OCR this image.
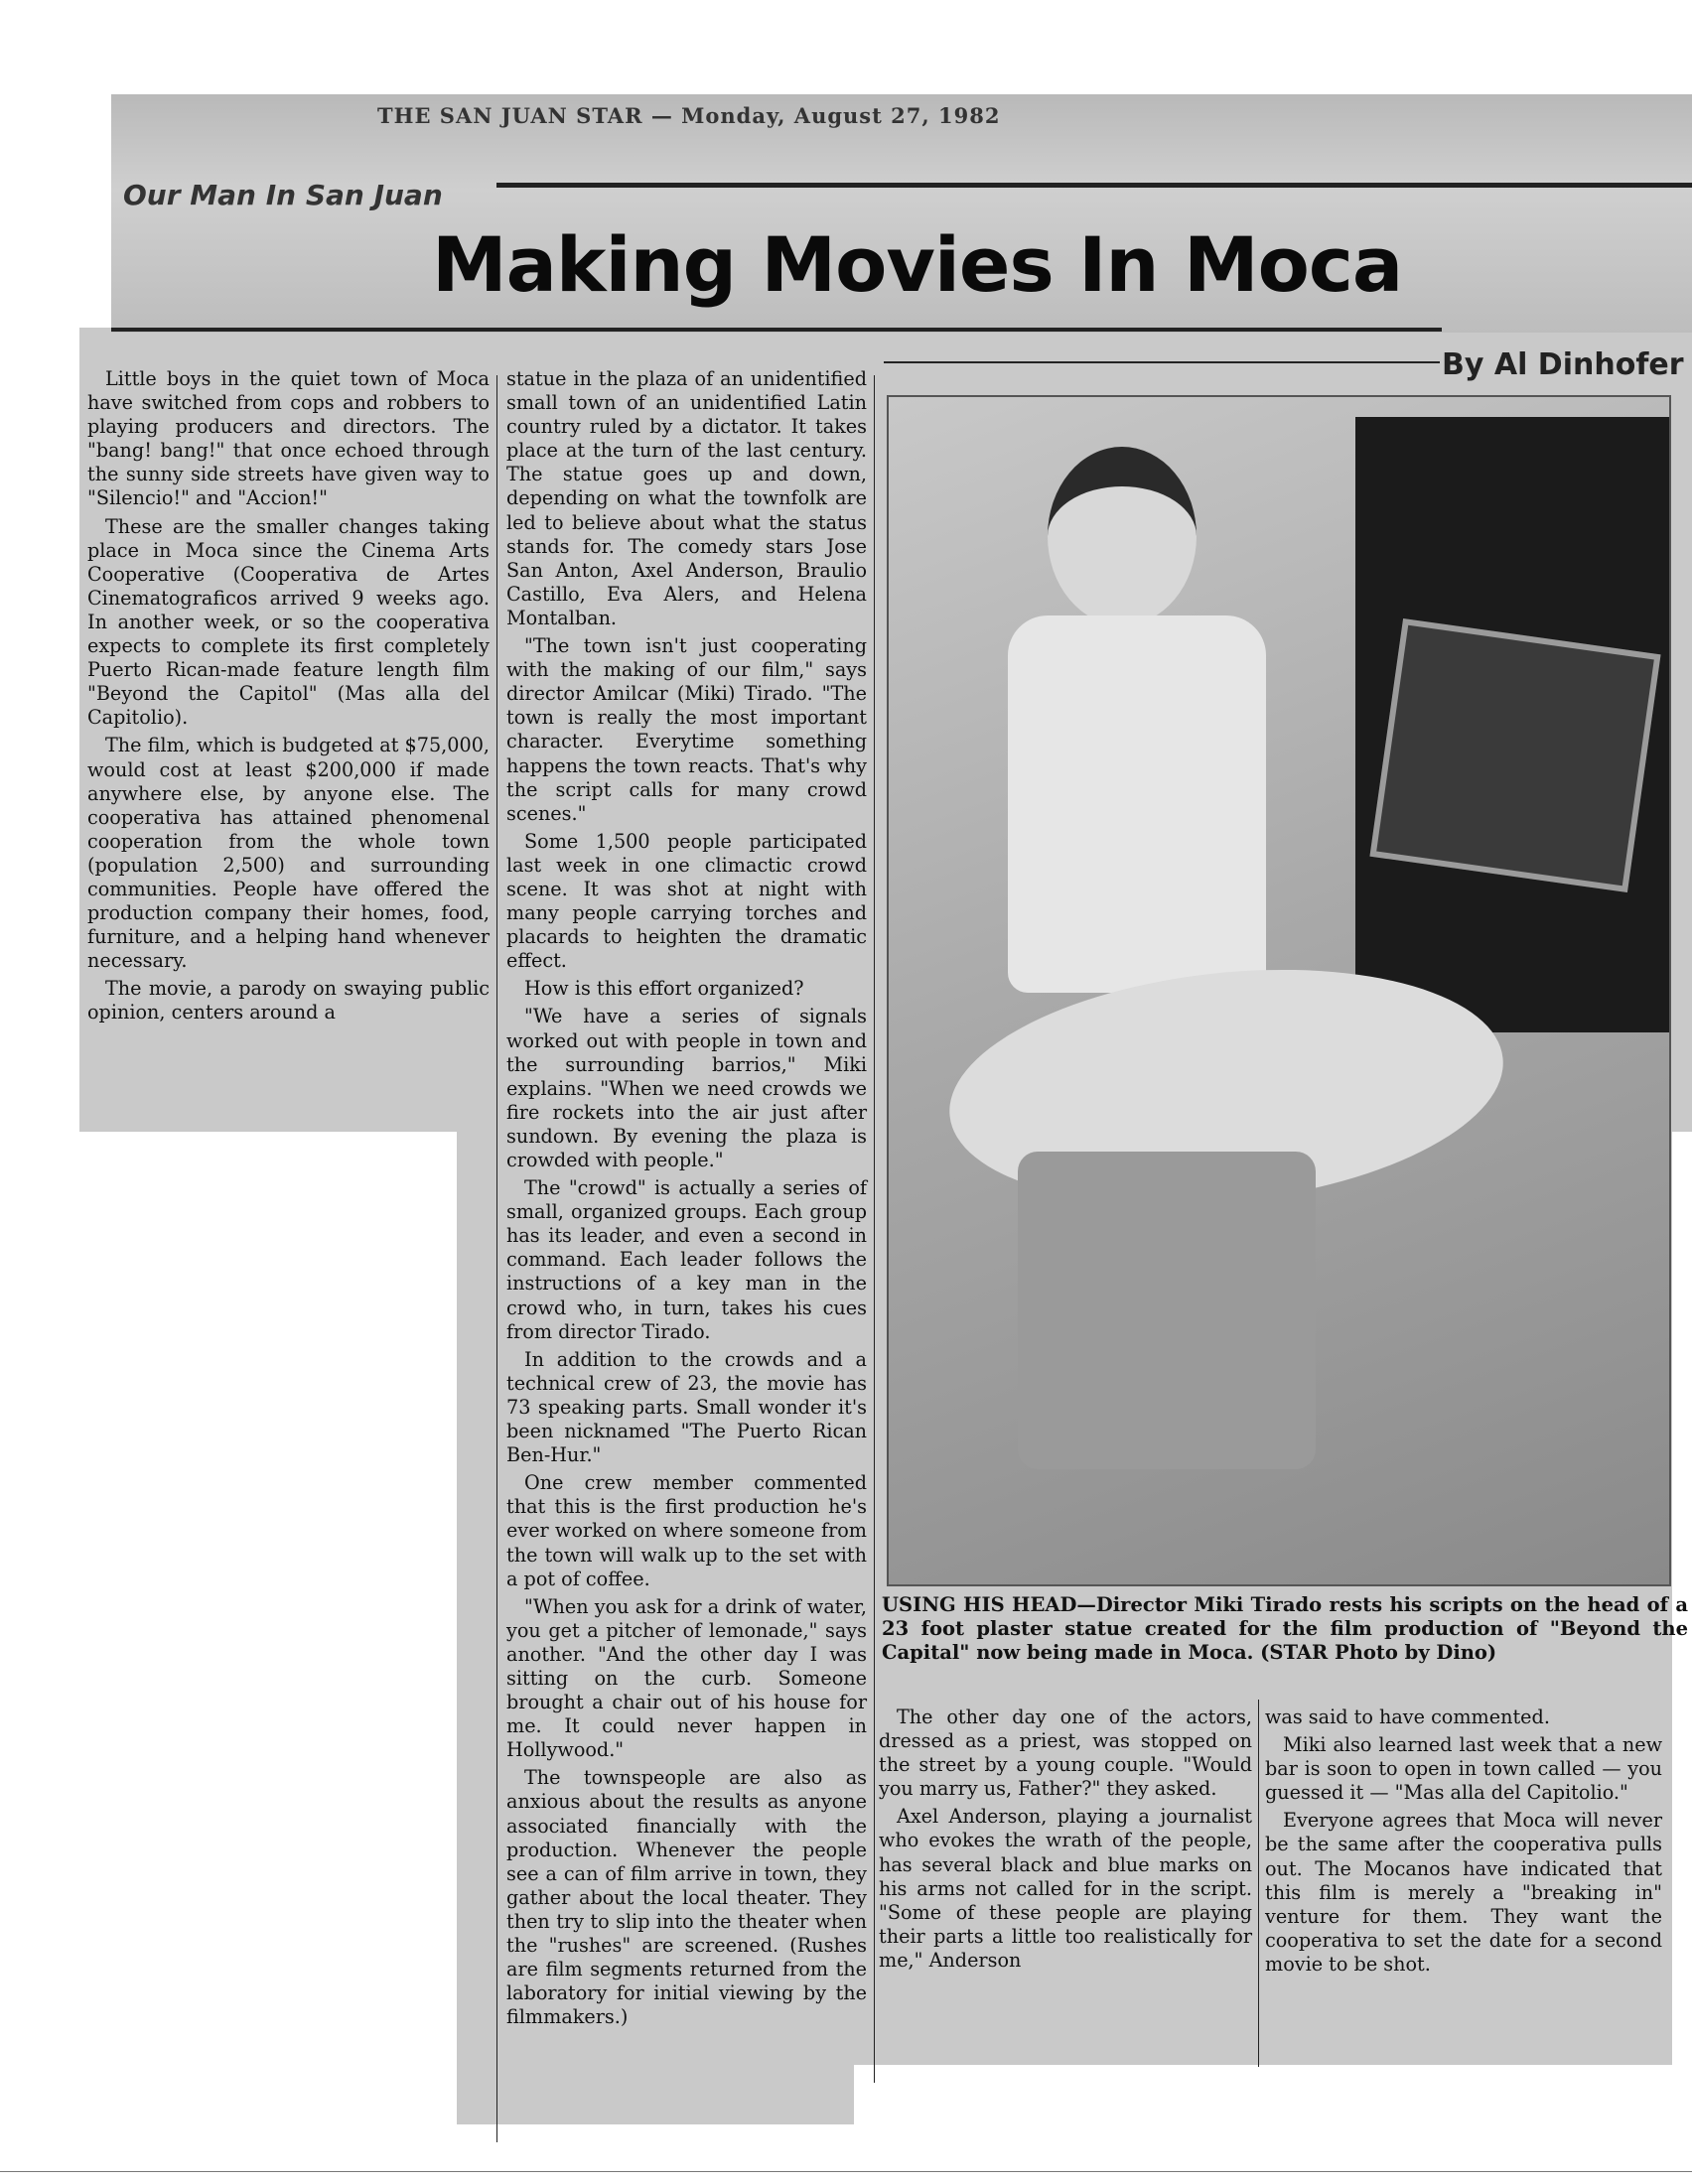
THE SAN JUAN STAR — Monday, August 27, 1982
Our Man In San Juan
Making Movies In Moca
By Al Dinhofer

Little boys in the quiet town of Moca have switched from cops and robbers to playing producers and directors. The "bang! bang!" that once echoed through the sunny side streets have given way to "Silencio!" and "Accion!"

These are the smaller changes taking place in Moca since the Cinema Arts Cooperative (Cooperativa de Artes Cinematograficos arrived 9 weeks ago. In another week, or so the cooperativa expects to complete its first completely Puerto Rican-made feature length film "Beyond the Capitol" (Mas alla del Capitolio).

The film, which is budgeted at $75,000, would cost at least $200,000 if made anywhere else, by anyone else. The cooperativa has attained phenomenal cooperation from the whole town (population 2,500) and surrounding communities. People have offered the production company their homes, food, furniture, and a helping hand whenever necessary.

The movie, a parody on swaying public opinion, centers around a

statue in the plaza of an unidentified small town of an unidentified Latin country ruled by a dictator. It takes place at the turn of the last century. The statue goes up and down, depending on what the townfolk are led to believe about what the status stands for. The comedy stars Jose San Anton, Axel Anderson, Braulio Castillo, Eva Alers, and Helena Montalban.

"The town isn't just cooperating with the making of our film," says director Amilcar (Miki) Tirado. "The town is really the most important character. Everytime something happens the town reacts. That's why the script calls for many crowd scenes."

Some 1,500 people participated last week in one climactic crowd scene. It was shot at night with many people carrying torches and placards to heighten the dramatic effect.

How is this effort organized?

"We have a series of signals worked out with people in town and the surrounding barrios," Miki explains. "When we need crowds we fire rockets into the air just after sundown. By evening the plaza is crowded with people."

The "crowd" is actually a series of small, organized groups. Each group has its leader, and even a second in command. Each leader follows the instructions of a key man in the crowd who, in turn, takes his cues from director Tirado.

In addition to the crowds and a technical crew of 23, the movie has 73 speaking parts. Small wonder it's been nicknamed "The Puerto Rican Ben-Hur."

One crew member commented that this is the first production he's ever worked on where someone from the town will walk up to the set with a pot of coffee.

"When you ask for a drink of water, you get a pitcher of lemonade," says another. "And the other day I was sitting on the curb. Someone brought a chair out of his house for me. It could never happen in Hollywood."

The townspeople are also as anxious about the results as anyone associated financially with the production. Whenever the people see a can of film arrive in town, they gather about the local theater. They then try to slip into the theater when the "rushes" are screened. (Rushes are film segments returned from the laboratory for initial viewing by the filmmakers.)

USING HIS HEAD—Director Miki Tirado rests his scripts on the head of a 23 foot plaster statue created for the film production of "Beyond the Capital" now being made in Moca. (STAR Photo by Dino)

The other day one of the actors, dressed as a priest, was stopped on the street by a young couple. "Would you marry us, Father?" they asked.

Axel Anderson, playing a journalist who evokes the wrath of the people, has several black and blue marks on his arms not called for in the script. "Some of these people are playing their parts a little too realistically for me," Anderson

was said to have commented.

Miki also learned last week that a new bar is soon to open in town called — you guessed it — "Mas alla del Capitolio."

Everyone agrees that Moca will never be the same after the cooperativa pulls out. The Mocanos have indicated that this film is merely a "breaking in" venture for them. They want the cooperativa to set the date for a second movie to be shot.
